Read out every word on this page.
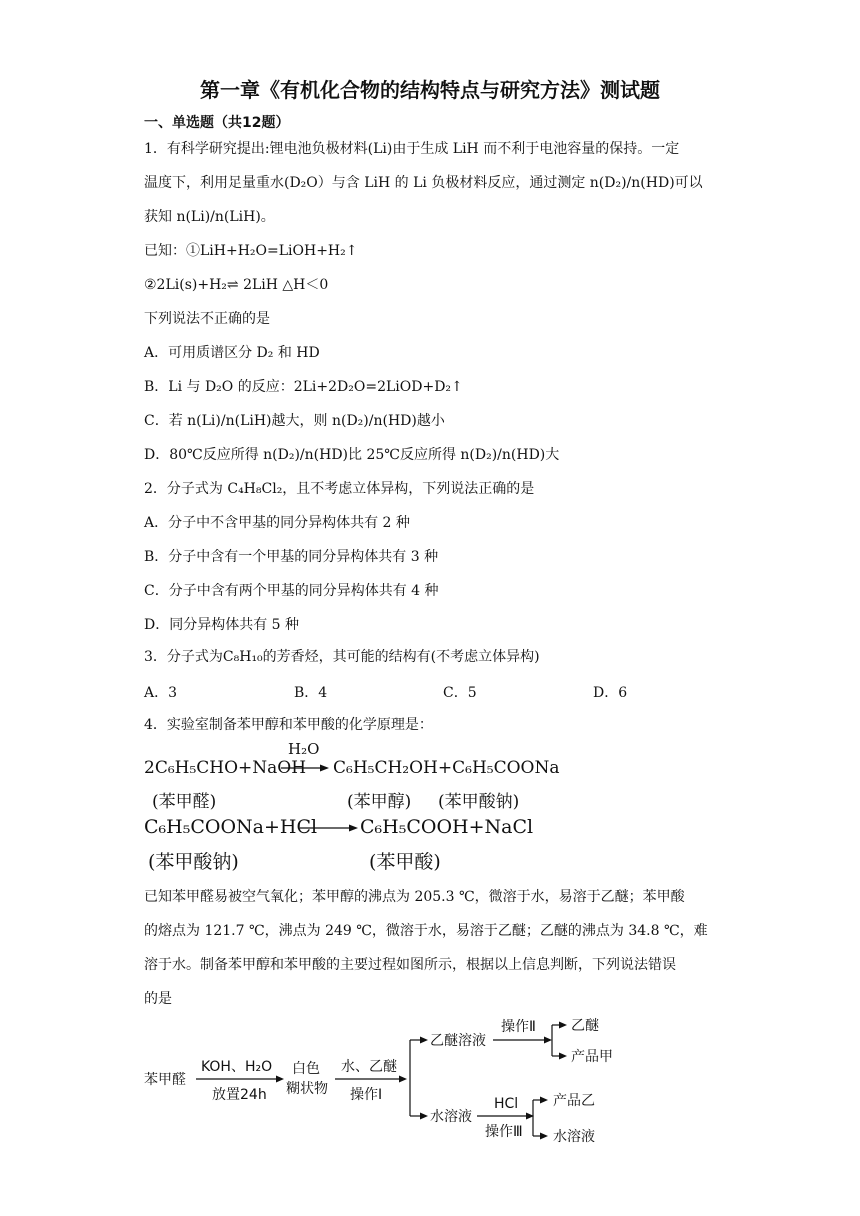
第一章《有机化合物的结构特点与研究方法》测试题
一、单选题（共12题）
1．有科学研究提出:锂电池负极材料(Li)由于生成 LiH 而不利于电池容量的保持。一定
温度下，利用足量重水(D₂O）与含 LiH 的 Li 负极材料反应，通过测定 n(D₂)/n(HD)可以
获知 n(Li)/n(LiH)。
已知：①LiH+H₂O=LiOH+H₂↑
②2Li(s)+H₂⇌ 2LiH △H＜0
下列说法不正确的是
A．可用质谱区分 D₂ 和 HD
B．Li 与 D₂O 的反应：2Li+2D₂O=2LiOD+D₂↑
C．若 n(Li)/n(LiH)越大，则 n(D₂)/n(HD)越小
D．80℃反应所得 n(D₂)/n(HD)比 25℃反应所得 n(D₂)/n(HD)大
2．分子式为 C₄H₈Cl₂，且不考虑立体异构，下列说法正确的是
A．分子中不含甲基的同分异构体共有 2 种
B．分子中含有一个甲基的同分异构体共有 3 种
C．分子中含有两个甲基的同分异构体共有 4 种
D．同分异构体共有 5 种
3．分子式为C₈H₁₀的芳香烃，其可能的结构有(不考虑立体异构)
A．3	B．4	C．5	D．6
4．实验室制备苯甲醇和苯甲酸的化学原理是：
2C₆H₅CHO+NaOH
H₂O
C₆H₅CH₂OH+C₆H₅COONa
(苯甲醛)	(苯甲醇) (苯甲酸钠)
C₆H₅COONa+HCl C₆H₅COOH+NaCl
(苯甲酸钠)	(苯甲酸)
已知苯甲醛易被空气氧化；苯甲醇的沸点为 205.3 ℃，微溶于水，易溶于乙醚；苯甲酸
的熔点为 121.7 ℃，沸点为 249 ℃，微溶于水，易溶于乙醚；乙醚的沸点为 34.8 ℃，难
溶于水。制备苯甲醇和苯甲酸的主要过程如图所示，根据以上信息判断，下列说法错误
的是
苯甲醛
KOH、H₂O
放置24h
白色
糊状物
水、乙醚
操作Ⅰ
乙醚溶液
操作Ⅱ	乙醚
产品甲
水溶液
HCl
操作Ⅲ
产品乙
水溶液
